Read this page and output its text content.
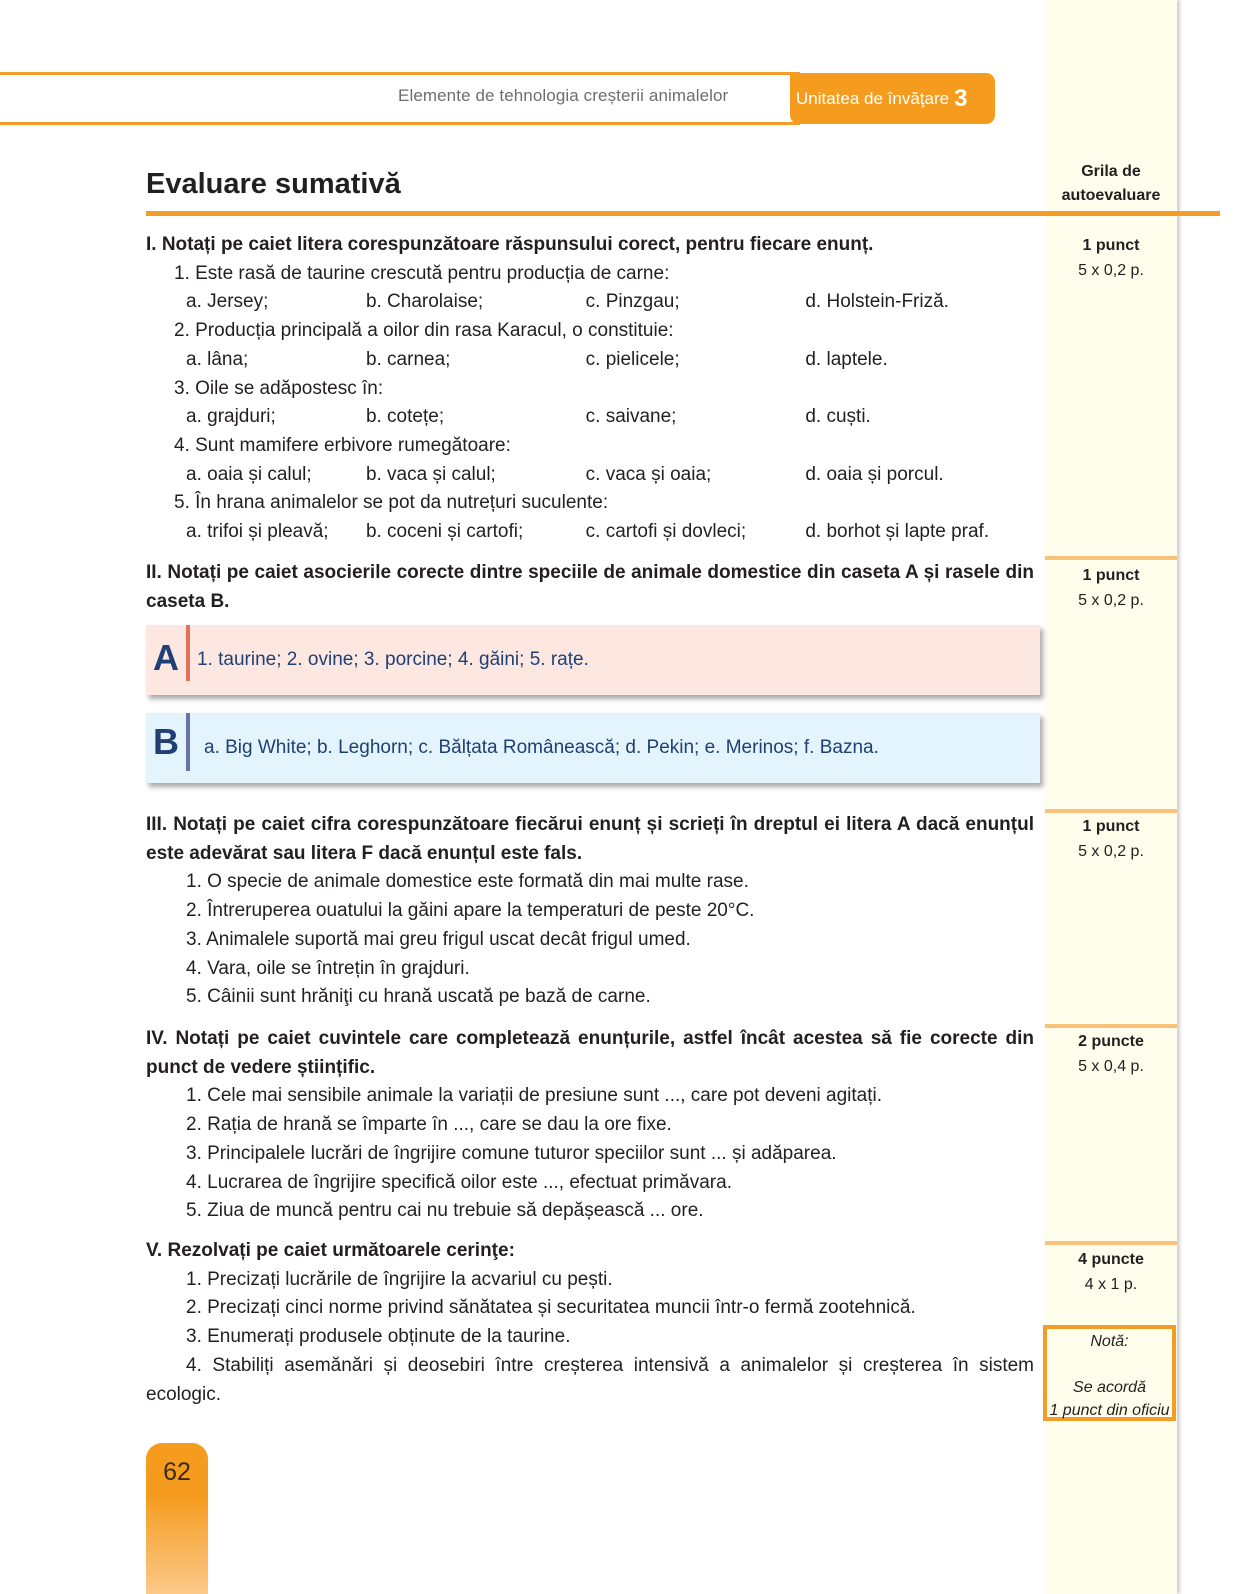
Elemente de tehnologia creșterii animalelor	Unitatea de învăţare 3
Evaluare sumativă	Grila de
autoevaluare
I. Notați pe caiet litera corespunzătoare răspunsului corect, pentru fiecare enunț.
1. Este rasă de taurine crescută pentru producția de carne:
a. Jersey;	b. Charolaise;	c. Pinzgau;	d. Holstein-Friză.
2. Producția principală a oilor din rasa Karacul, o constituie:
a. lâna;	b. carnea;	c. pielicele;	d. laptele.
3. Oile se adăpostesc în:
a. grajduri;	b. cotețe;	c. saivane;	d. cuști.
4. Sunt mamifere erbivore rumegătoare:
a. oaia și calul;	b. vaca și calul;	c. vaca și oaia;	d. oaia și porcul.
5. În hrana animalelor se pot da nutrețuri suculente:
a. trifoi și pleavă;	b. coceni și cartofi;	c. cartofi și dovleci;	d. borhot și lapte praf.
1 punct
5 x 0,2 p.
II. Notați pe caiet asocierile corecte dintre speciile de animale domestice din caseta A și rasele din caseta B.
1 punct
5 x 0,2 p.
A 1. taurine; 2. ovine; 3. porcine; 4. găini; 5. rațe.
B a. Big White; b. Leghorn; c. Bălțata Românească; d. Pekin; e. Merinos; f. Bazna.
III. Notați pe caiet cifra corespunzătoare fiecărui enunț și scrieți în dreptul ei litera A dacă enunțul este adevărat sau litera F dacă enunțul este fals.
1. O specie de animale domestice este formată din mai multe rase.
2. Întreruperea ouatului la găini apare la temperaturi de peste 20°C.
3. Animalele suportă mai greu frigul uscat decât frigul umed.
4. Vara, oile se întrețin în grajduri.
5. Câinii sunt hrăniţi cu hrană uscată pe bază de carne.
1 punct
5 x 0,2 p.
IV. Notați pe caiet cuvintele care completează enunțurile, astfel încât acestea să fie corecte din punct de vedere științific.
1. Cele mai sensibile animale la variații de presiune sunt ..., care pot deveni agitați.
2. Rația de hrană se împarte în ..., care se dau la ore fixe.
3. Principalele lucrări de îngrijire comune tuturor speciilor sunt ... și adăparea.
4. Lucrarea de îngrijire specifică oilor este ..., efectuat primăvara.
5. Ziua de muncă pentru cai nu trebuie să depășească ... ore.
2 puncte
5 x 0,4 p.
V. Rezolvați pe caiet următoarele cerinţe:
1. Precizați lucrările de îngrijire la acvariul cu pești.
2. Precizați cinci norme privind sănătatea și securitatea muncii într-o fermă zootehnică.
3. Enumerați produsele obținute de la taurine.
4. Stabiliți asemănări și deosebiri între creșterea intensivă a animalelor și creșterea în sistem ecologic.
4 puncte
4 x 1 p.
Notă:
Se acordă
1 punct din oficiu
62
